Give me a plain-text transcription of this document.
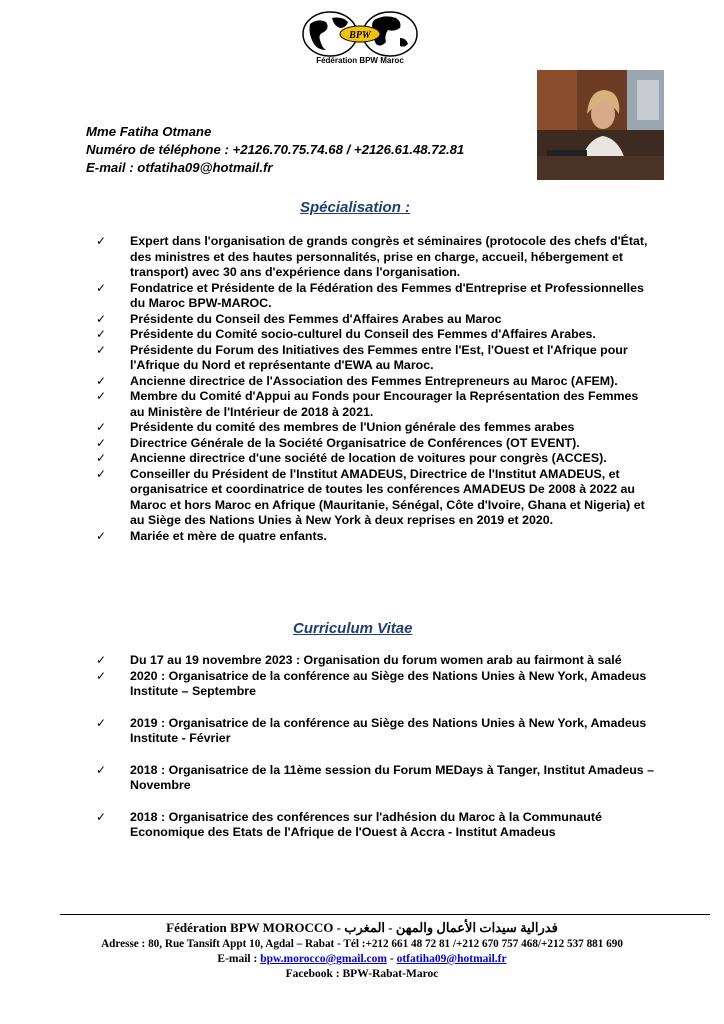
BPW
Fédération BPW Maroc
Mme Fatiha Otmane
Numéro de téléphone : +2126.70.75.74.68 / +2126.61.48.72.81
E-mail : otfatiha09@hotmail.fr
Spécialisation :
✓ Expert dans l'organisation de grands congrès et séminaires (protocole des chefs d'État, des ministres et des hautes personnalités, prise en charge, accueil, hébergement et transport) avec 30 ans d'expérience dans l'organisation.
✓ Fondatrice et Présidente de la Fédération des Femmes d'Entreprise et Professionnelles du Maroc BPW-MAROC.
✓ Présidente du Conseil des Femmes d'Affaires Arabes au Maroc
✓ Présidente du Comité socio-culturel du Conseil des Femmes d'Affaires Arabes.
✓ Présidente du Forum des Initiatives des Femmes entre l'Est, l'Ouest et l'Afrique pour l'Afrique du Nord et représentante d'EWA au Maroc.
✓ Ancienne directrice de l'Association des Femmes Entrepreneurs au Maroc (AFEM).
✓ Membre du Comité d'Appui au Fonds pour Encourager la Représentation des Femmes au Ministère de l'Intérieur de 2018 à 2021.
✓ Présidente du comité des membres de l'Union générale des femmes arabes
✓ Directrice Générale de la Société Organisatrice de Conférences (OT EVENT).
✓ Ancienne directrice d'une société de location de voitures pour congrès (ACCES).
✓ Conseiller du Président de l'Institut AMADEUS, Directrice de l'Institut AMADEUS, et organisatrice et coordinatrice de toutes les conférences AMADEUS De 2008 à 2022 au Maroc et hors Maroc en Afrique (Mauritanie, Sénégal, Côte d'Ivoire, Ghana et Nigeria) et au Siège des Nations Unies à New York à deux reprises en 2019 et 2020.
✓ Mariée et mère de quatre enfants.
Curriculum Vitae
✓ Du 17 au 19 novembre 2023 : Organisation du forum women arab au fairmont à salé
✓ 2020 : Organisatrice de la conférence au Siège des Nations Unies à New York, Amadeus Institute – Septembre
✓ 2019 : Organisatrice de la conférence au Siège des Nations Unies à New York, Amadeus Institute - Février
✓ 2018 : Organisatrice de la 11ème session du Forum MEDays à Tanger, Institut Amadeus – Novembre
✓ 2018 : Organisatrice des conférences sur l'adhésion du Maroc à la Communauté Economique des Etats de l'Afrique de l'Ouest à Accra - Institut Amadeus
Fédération BPW MOROCCO - فدرالية سيدات الأعمال والمهن - المغرب
Adresse : 80, Rue Tansift Appt 10, Agdal – Rabat - Tél :+212 661 48 72 81 /+212 670 757 468/+212 537 881 690
E-mail : bpw.morocco@gmail.com - otfatiha09@hotmail.fr
Facebook : BPW-Rabat-Maroc
